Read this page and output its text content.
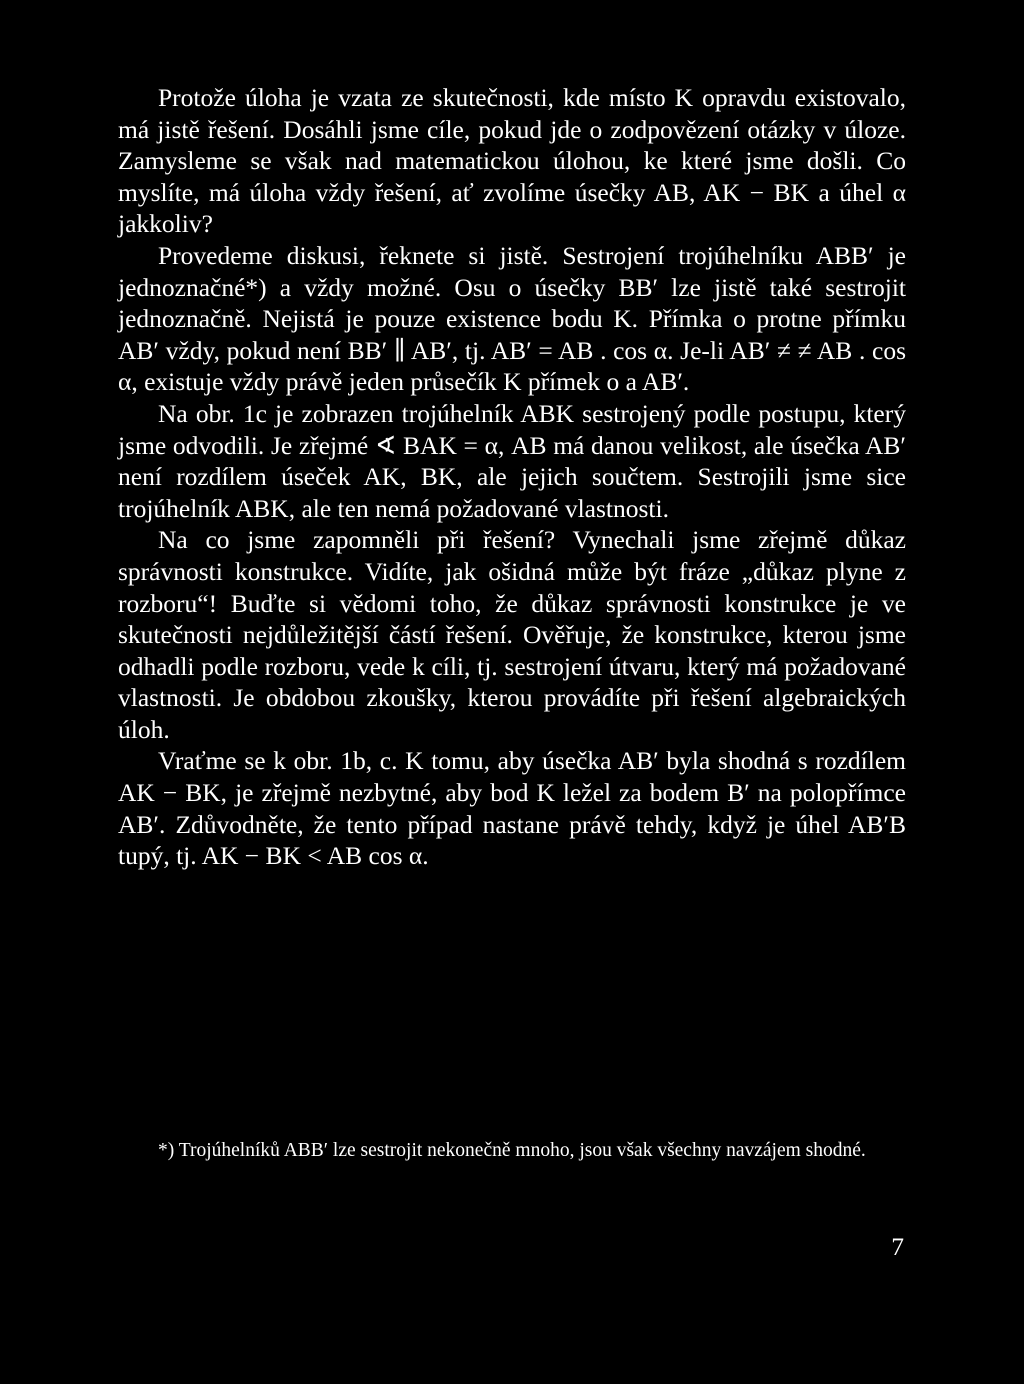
Protože úloha je vzata ze skutečnosti, kde místo K opravdu existovalo, má jistě řešení. Dosáhli jsme cíle, pokud jde o zodpovězení otázky v úloze. Zamysleme se však nad matematickou úlohou, ke které jsme došli. Co myslíte, má úloha vždy řešení, ať zvolíme úsečky AB, AK − BK a úhel α jakkoliv?

Provedeme diskusi, řeknete si jistě. Sestrojení trojúhelníku ABB′ je jednoznačné*) a vždy možné. Osu o úsečky BB′ lze jistě také sestrojit jednoznačně. Nejistá je pouze existence bodu K. Přímka o protne přímku AB′ vždy, pokud není BB′ ∥ AB′, tj. AB′ = AB . cos α. Je-li AB′ ≠ ≠ AB . cos α, existuje vždy právě jeden průsečík K přímek o a AB′.

Na obr. 1c je zobrazen trojúhelník ABK sestrojený podle postupu, který jsme odvodili. Je zřejmé ∢ BAK = α, AB má danou velikost, ale úsečka AB′ není rozdílem úseček AK, BK, ale jejich součtem. Sestrojili jsme sice trojúhelník ABK, ale ten nemá požadované vlastnosti.

Na co jsme zapomněli při řešení? Vynechali jsme zřejmě důkaz správnosti konstrukce. Vidíte, jak ošidná může být fráze „důkaz plyne z rozboru“! Buďte si vědomi toho, že důkaz správnosti konstrukce je ve skutečnosti nejdůležitější částí řešení. Ověřuje, že konstrukce, kterou jsme odhadli podle rozboru, vede k cíli, tj. sestrojení útvaru, který má požadované vlastnosti. Je obdobou zkoušky, kterou provádíte při řešení algebraických úloh.

Vraťme se k obr. 1b, c. K tomu, aby úsečka AB′ byla shodná s rozdílem AK − BK, je zřejmě nezbytné, aby bod K ležel za bodem B′ na polopřímce AB′. Zdůvodněte, že tento případ nastane právě tehdy, když je úhel AB′B tupý, tj. AK − BK < AB cos α.

*) Trojúhelníků ABB′ lze sestrojit nekonečně mnoho, jsou však všechny navzájem shodné.

7
